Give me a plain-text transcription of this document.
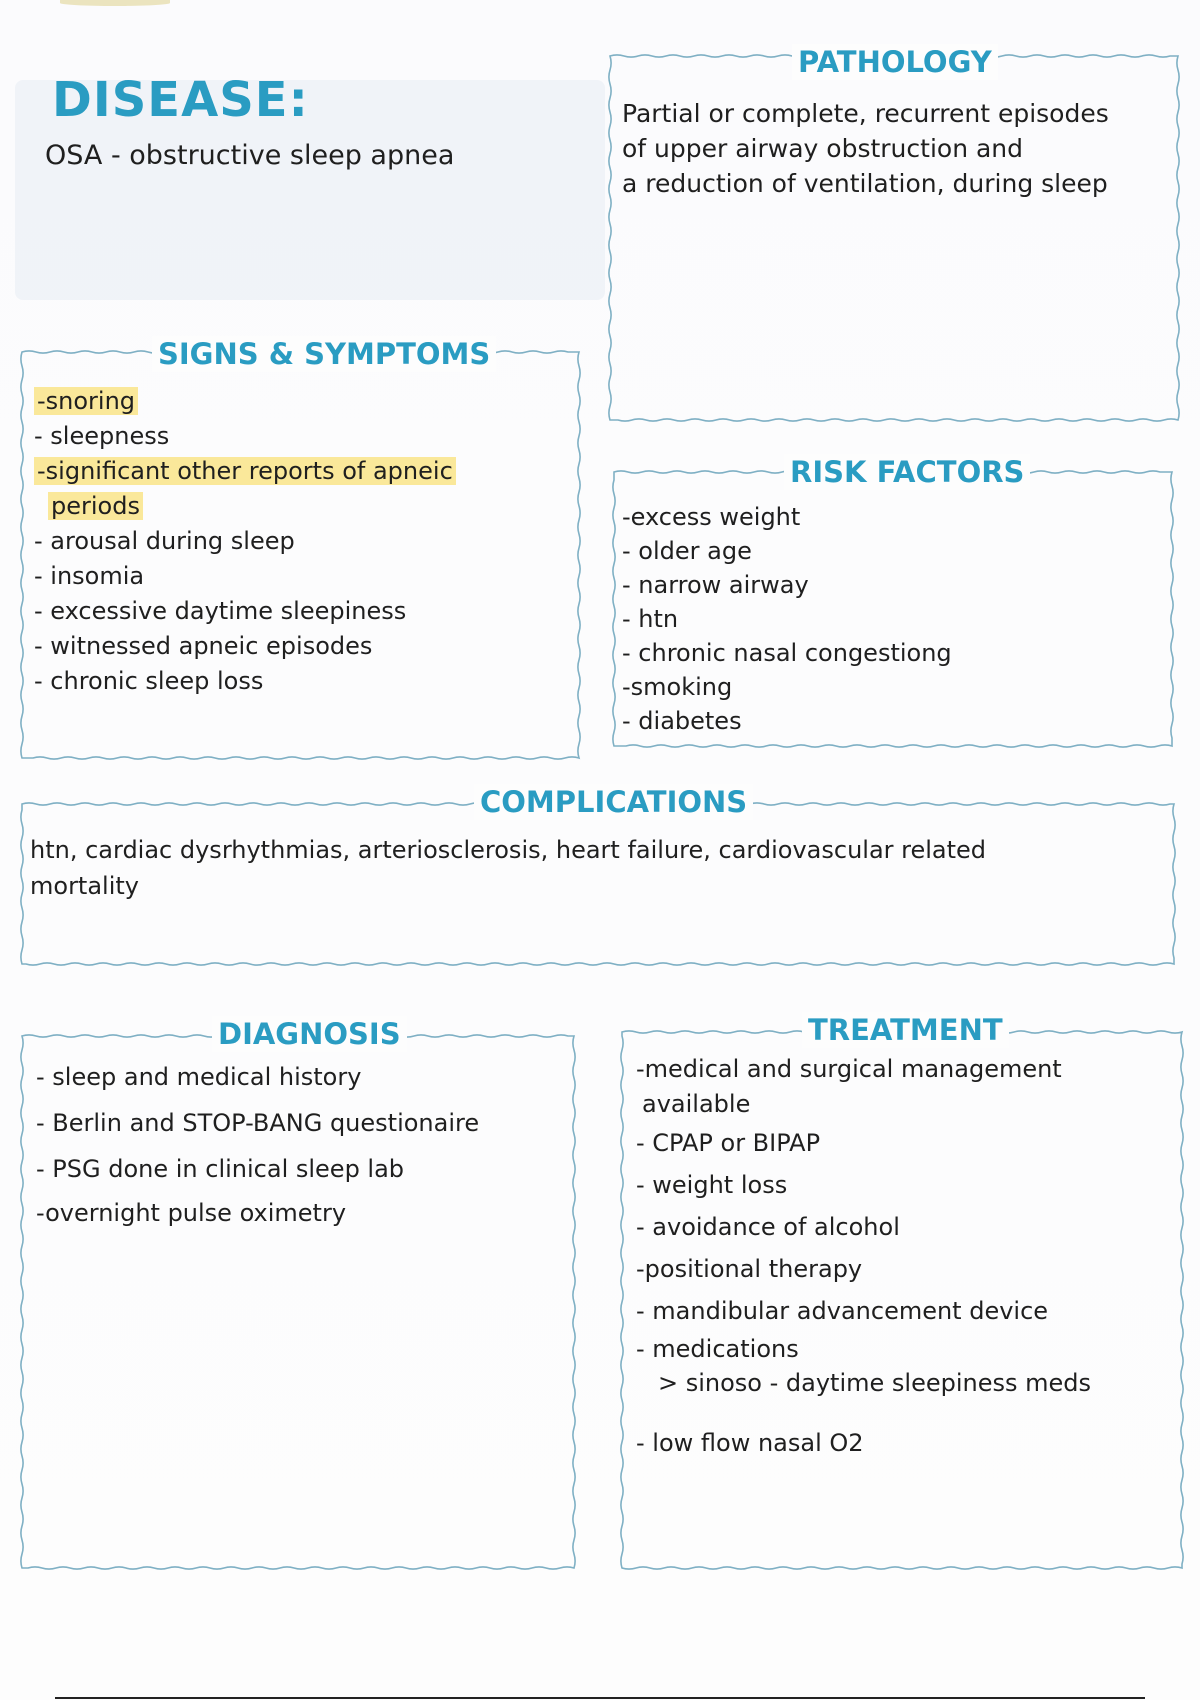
DISEASE:
OSA - obstructive sleep apnea
PATHOLOGY
Partial or complete, recurrent episodes
of upper airway obstruction and
a reduction of ventilation, during sleep
SIGNS & SYMPTOMS
-snoring
- sleepness
-significant other reports of apneic
periods
- arousal during sleep
- insomia
- excessive daytime sleepiness
- witnessed apneic episodes
- chronic sleep loss
RISK FACTORS
-excess weight
- older age
- narrow airway
- htn
- chronic nasal congestiong
-smoking
- diabetes
COMPLICATIONS
htn, cardiac dysrhythmias, arteriosclerosis, heart failure, cardiovascular related
mortality
DIAGNOSIS
- sleep and medical history
- Berlin and STOP-BANG questionaire
- PSG done in clinical sleep lab
-overnight pulse oximetry
TREATMENT
-medical and surgical management
available
- CPAP or BIPAP
- weight loss
- avoidance of alcohol
-positional therapy
- mandibular advancement device
- medications
> sinoso - daytime sleepiness meds
- low flow nasal O2
